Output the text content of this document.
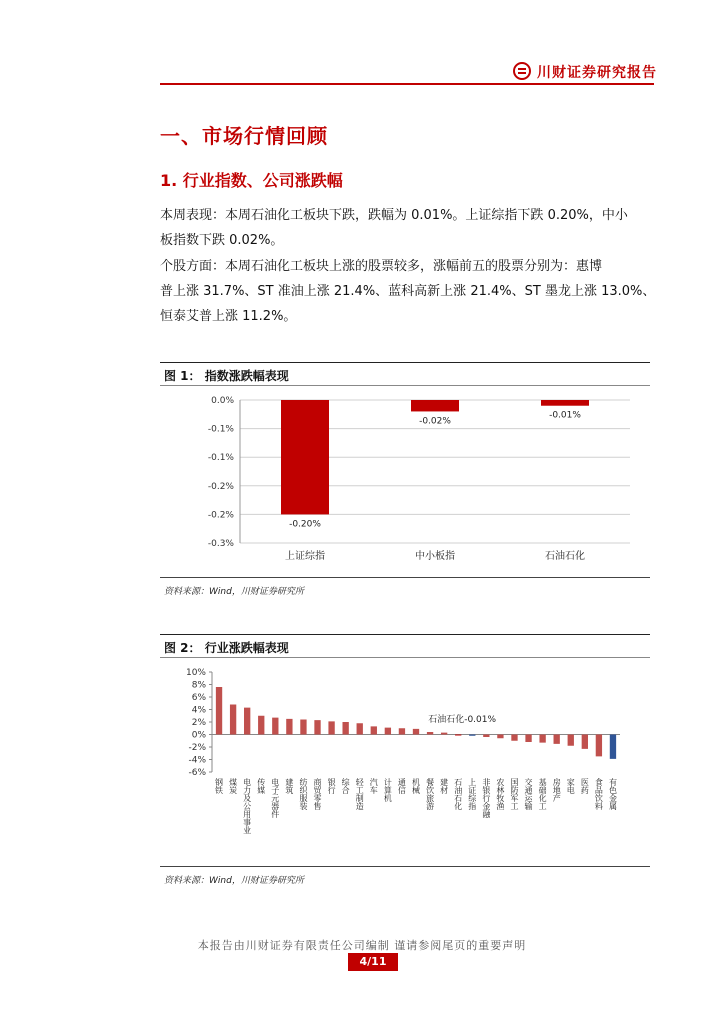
川财证券研究报告
一、市场行情回顾
1. 行业指数、公司涨跌幅
本周表现：本周石油化工板块下跌，跌幅为 0.01%。上证综指下跌 0.20%，中小
板指数下跌 0.02%。
个股方面：本周石油化工板块上涨的股票较多，涨幅前五的股票分别为：惠博
普上涨 31.7%、ST 准油上涨 21.4%、蓝科高新上涨 21.4%、ST 墨龙上涨 13.0%、
恒泰艾普上涨 11.2%。
图 1： 指数涨跌幅表现
0.0%
-0.1%
-0.1%
-0.2%
-0.2%
-0.3%
-0.20%
上证综指
-0.02%
中小板指
-0.01%
石油石化
资料来源：Wind，川财证券研究所
图 2： 行业涨跌幅表现
10%
8%
6%
4%
2%
0%
-2%
-4%
-6%
钢铁 煤炭 电力及公用事业 传媒 电子元器件 建筑 纺织服装 商贸零售 银行 综合 轻工制造 汽车 计算机 通信 机械 餐饮旅游 建材 石油石化 上证综指 非银行金融 农林牧渔 国防军工 交通运输 基础化工 房地产 家电 医药 食品饮料 有色金属
石油石化-0.01%
资料来源：Wind，川财证券研究所
本报告由川财证券有限责任公司编制 谨请参阅尾页的重要声明
4/11
